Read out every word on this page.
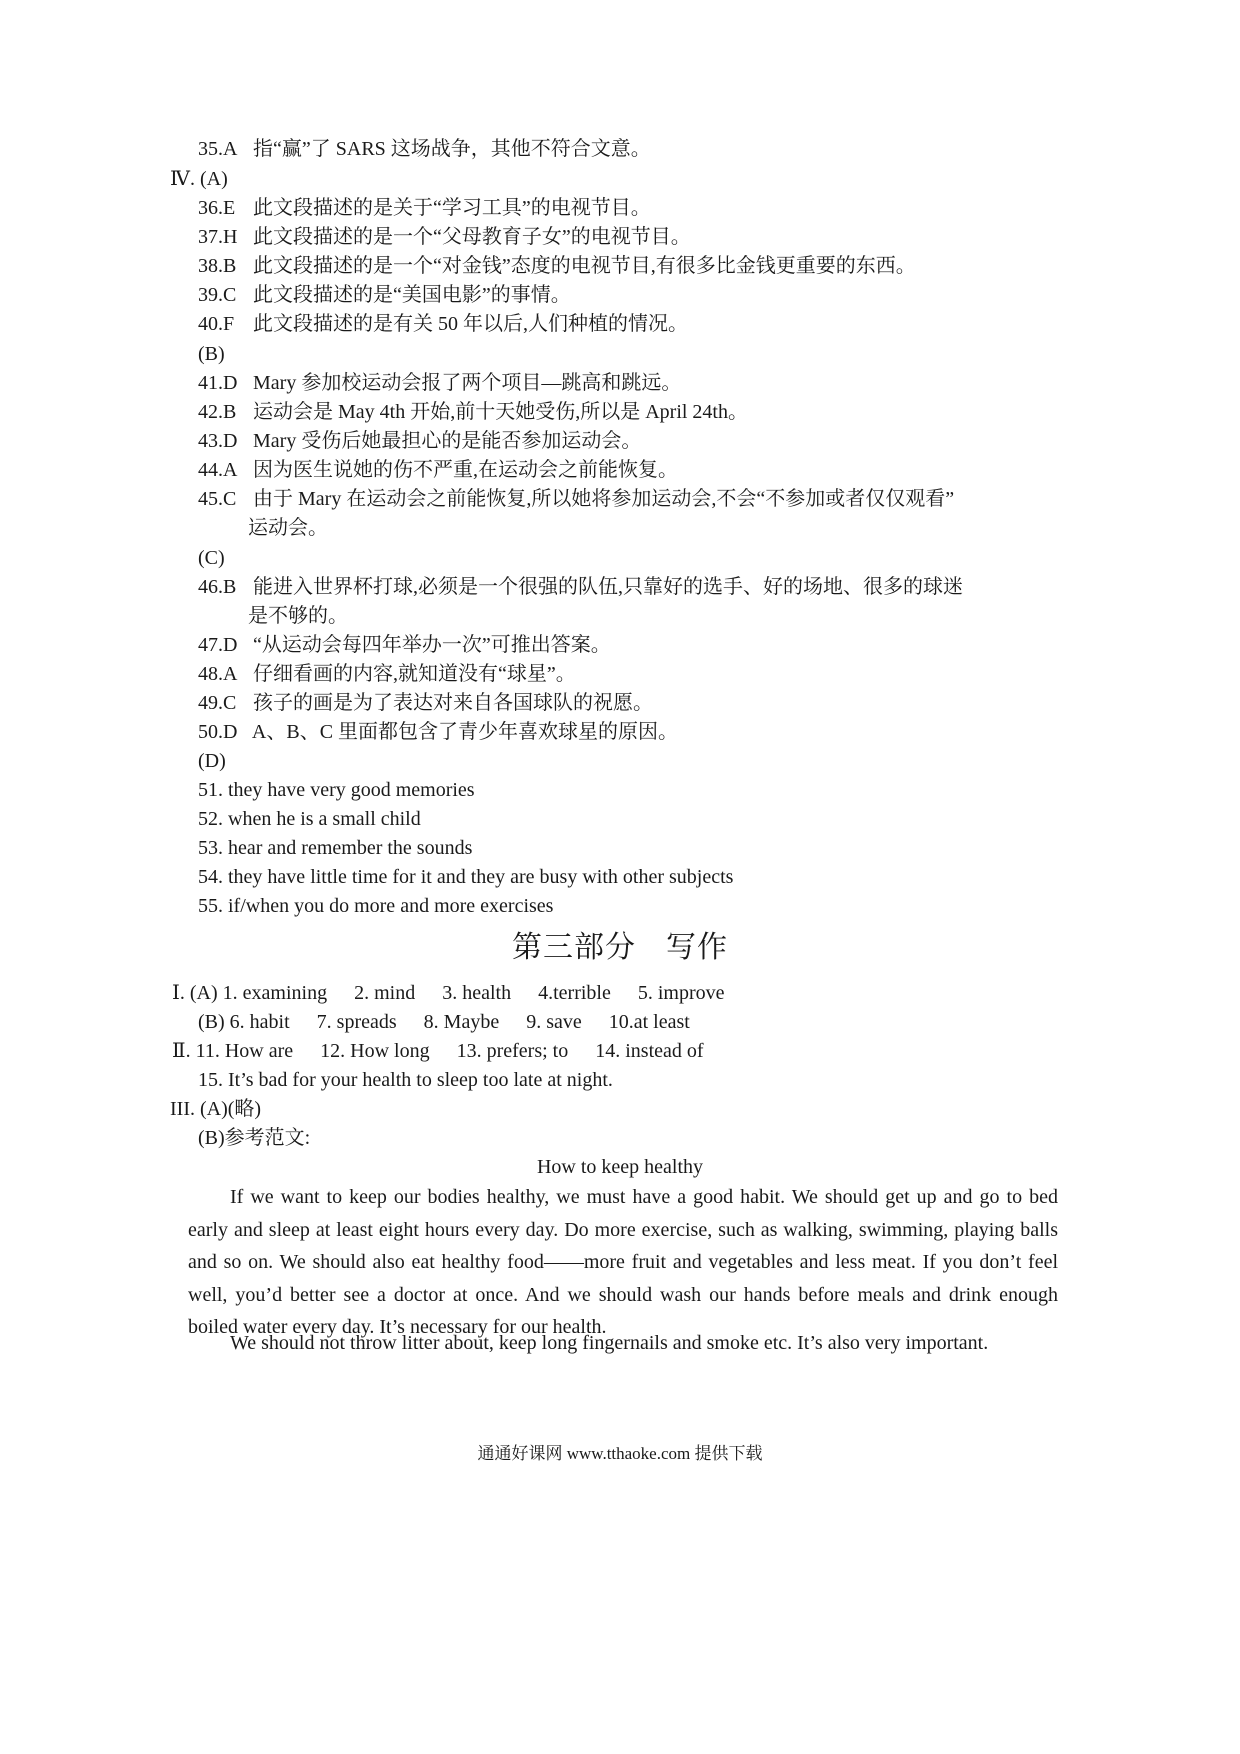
35.A 指“赢”了 SARS 这场战争，其他不符合文意。
Ⅳ. (A)
36.E 此文段描述的是关于“学习工具”的电视节目。
37.H 此文段描述的是一个“父母教育子女”的电视节目。
38.B 此文段描述的是一个“对金钱”态度的电视节目,有很多比金钱更重要的东西。
39.C 此文段描述的是“美国电影”的事情。
40.F 此文段描述的是有关 50 年以后,人们种植的情况。
(B)
41.D Mary 参加校运动会报了两个项目—跳高和跳远。
42.B 运动会是 May 4th 开始,前十天她受伤,所以是 April 24th。
43.D Mary 受伤后她最担心的是能否参加运动会。
44.A 因为医生说她的伤不严重,在运动会之前能恢复。
45.C 由于 Mary 在运动会之前能恢复,所以她将参加运动会,不会“不参加或者仅仅观看”
运动会。
(C)
46.B 能进入世界杯打球,必须是一个很强的队伍,只靠好的选手、好的场地、很多的球迷
是不够的。
47.D “从运动会每四年举办一次”可推出答案。
48.A 仔细看画的内容,就知道没有“球星”。
49.C 孩子的画是为了表达对来自各国球队的祝愿。
50.D A、B、C 里面都包含了青少年喜欢球星的原因。
(D)
51. they have very good memories
52. when he is a small child
53. hear and remember the sounds
54. they have little time for it and they are busy with other subjects
55. if/when you do more and more exercises
第三部分 写作
Ⅰ. (A) 1. examining 2. mind 3. health 4.terrible 5. improve
(B) 6. habit 7. spreads 8. Maybe 9. save 10.at least
Ⅱ. 11. How are 12. How long 13. prefers; to 14. instead of
15. It’s bad for your health to sleep too late at night.
III. (A)(略)
(B)参考范文:
How to keep healthy
If we want to keep our bodies healthy, we must have a good habit. We should get up and go to bed early and sleep at least eight hours every day. Do more exercise, such as walking, swimming, playing balls and so on. We should also eat healthy food——more fruit and vegetables and less meat. If you don’t feel well, you’d better see a doctor at once. And we should wash our hands before meals and drink enough boiled water every day. It’s necessary for our health.
We should not throw litter about, keep long fingernails and smoke etc. It’s also very important.
通通好课网 www.tthaoke.com 提供下载
